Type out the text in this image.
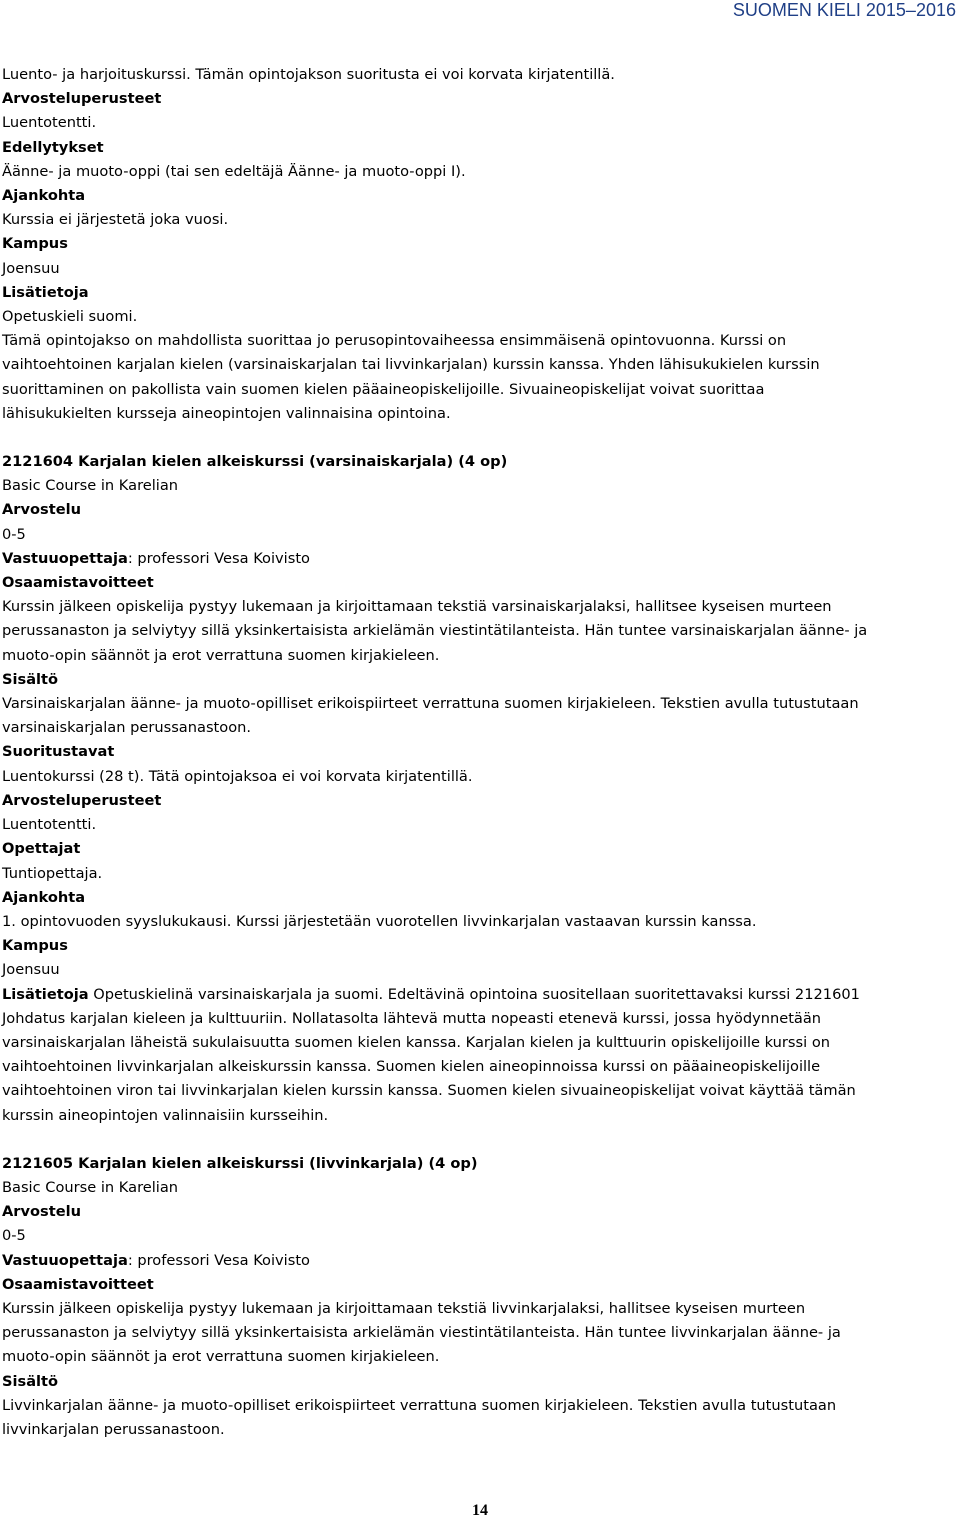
SUOMEN KIELI 2015–2016
Luento- ja harjoituskurssi. Tämän opintojakson suoritusta ei voi korvata kirjatentillä.
Arvosteluperusteet
Luentotentti.
Edellytykset
Äänne- ja muoto-oppi (tai sen edeltäjä Äänne- ja muoto-oppi I).
Ajankohta
Kurssia ei järjestetä joka vuosi.
Kampus
Joensuu
Lisätietoja
Opetuskieli suomi.
Tämä opintojakso on mahdollista suorittaa jo perusopintovaiheessa ensimmäisenä opintovuonna. Kurssi on
vaihtoehtoinen karjalan kielen (varsinaiskarjalan tai livvinkarjalan) kurssin kanssa. Yhden lähisukukielen kurssin
suorittaminen on pakollista vain suomen kielen pääaineopiskelijoille. Sivuaineopiskelijat voivat suorittaa
lähisukukielten kursseja aineopintojen valinnaisina opintoina.
2121604 Karjalan kielen alkeiskurssi (varsinaiskarjala) (4 op)
Basic Course in Karelian
Arvostelu
0-5
Vastuuopettaja: professori Vesa Koivisto
Osaamistavoitteet
Kurssin jälkeen opiskelija pystyy lukemaan ja kirjoittamaan tekstiä varsinaiskarjalaksi, hallitsee kyseisen murteen
perussanaston ja selviytyy sillä yksinkertaisista arkielämän viestintätilanteista. Hän tuntee varsinaiskarjalan äänne- ja
muoto-opin säännöt ja erot verrattuna suomen kirjakieleen.
Sisältö
Varsinaiskarjalan äänne- ja muoto-opilliset erikoispiirteet verrattuna suomen kirjakieleen. Tekstien avulla tutustutaan
varsinaiskarjalan perussanastoon.
Suoritustavat
Luentokurssi (28 t). Tätä opintojaksoa ei voi korvata kirjatentillä.
Arvosteluperusteet
Luentotentti.
Opettajat
Tuntiopettaja.
Ajankohta
1. opintovuoden syyslukukausi. Kurssi järjestetään vuorotellen livvinkarjalan vastaavan kurssin kanssa.
Kampus
Joensuu
Lisätietoja Opetuskielinä varsinaiskarjala ja suomi. Edeltävinä opintoina suositellaan suoritettavaksi kurssi 2121601
Johdatus karjalan kieleen ja kulttuuriin. Nollatasolta lähtevä mutta nopeasti etenevä kurssi, jossa hyödynnetään
varsinaiskarjalan läheistä sukulaisuutta suomen kielen kanssa. Karjalan kielen ja kulttuurin opiskelijoille kurssi on
vaihtoehtoinen livvinkarjalan alkeiskurssin kanssa. Suomen kielen aineopinnoissa kurssi on pääaineopiskelijoille
vaihtoehtoinen viron tai livvinkarjalan kielen kurssin kanssa. Suomen kielen sivuaineopiskelijat voivat käyttää tämän
kurssin aineopintojen valinnaisiin kursseihin.
2121605 Karjalan kielen alkeiskurssi (livvinkarjala) (4 op)
Basic Course in Karelian
Arvostelu
0-5
Vastuuopettaja: professori Vesa Koivisto
Osaamistavoitteet
Kurssin jälkeen opiskelija pystyy lukemaan ja kirjoittamaan tekstiä livvinkarjalaksi, hallitsee kyseisen murteen
perussanaston ja selviytyy sillä yksinkertaisista arkielämän viestintätilanteista. Hän tuntee livvinkarjalan äänne- ja
muoto-opin säännöt ja erot verrattuna suomen kirjakieleen.
Sisältö
Livvinkarjalan äänne- ja muoto-opilliset erikoispiirteet verrattuna suomen kirjakieleen. Tekstien avulla tutustutaan
livvinkarjalan perussanastoon.
14
